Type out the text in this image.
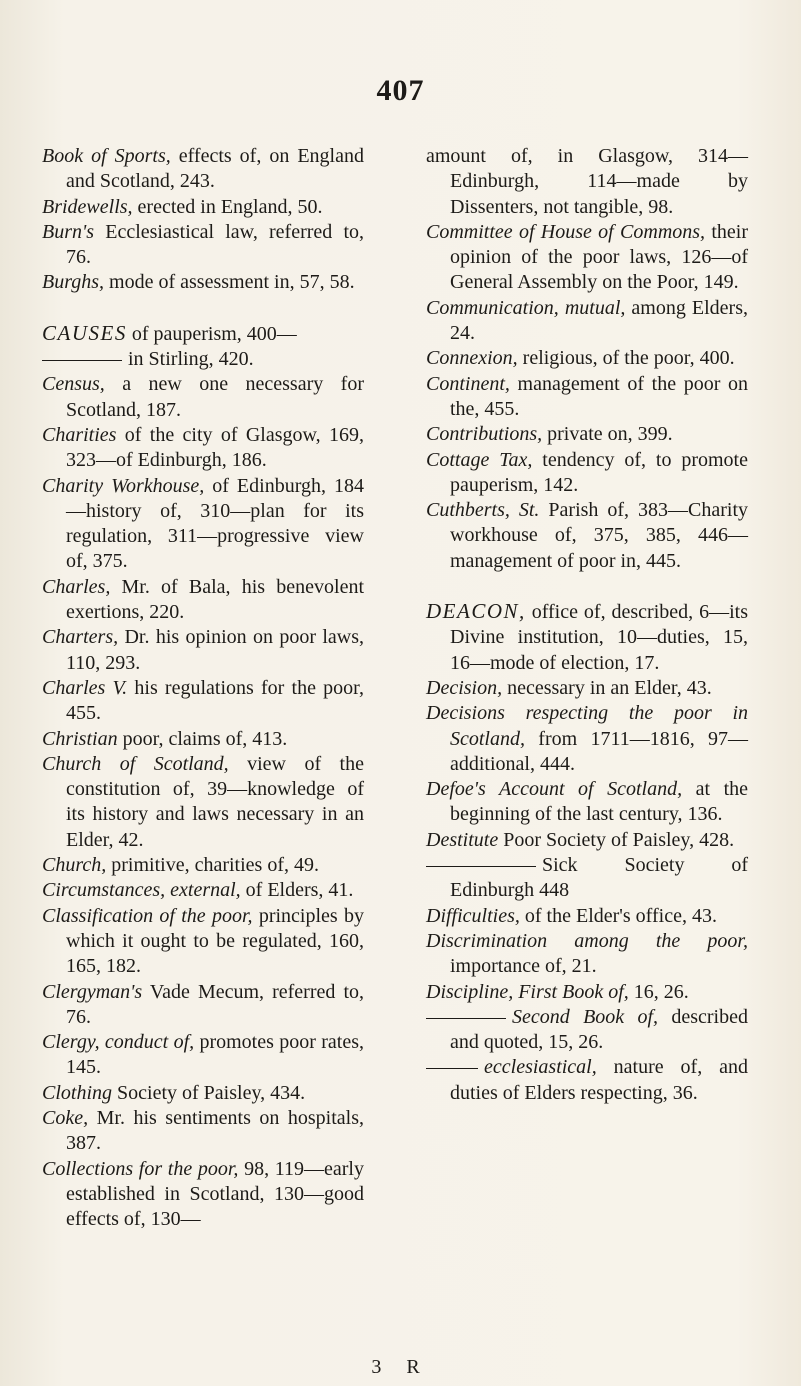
407

Book of Sports, effects of, on England and Scotland, 243.

Bridewells, erected in England, 50.

Burn's Ecclesiastical law, referred to, 76.

Burghs, mode of assessment in, 57, 58.

CAUSES of pauperism, 400—

in Stirling, 420.

Census, a new one necessary for Scotland, 187.

Charities of the city of Glasgow, 169, 323—of Edinburgh, 186.

Charity Workhouse, of Edinburgh, 184—history of, 310—plan for its regulation, 311—progressive view of, 375.

Charles, Mr. of Bala, his benevolent exertions, 220.

Charters, Dr. his opinion on poor laws, 110, 293.

Charles V. his regulations for the poor, 455.

Christian poor, claims of, 413.

Church of Scotland, view of the constitution of, 39—knowledge of its history and laws necessary in an Elder, 42.

Church, primitive, charities of, 49.

Circumstances, external, of Elders, 41.

Classification of the poor, principles by which it ought to be regulated, 160, 165, 182.

Clergyman's Vade Mecum, referred to, 76.

Clergy, conduct of, promotes poor rates, 145.

Clothing Society of Paisley, 434.

Coke, Mr. his sentiments on hospitals, 387.

Collections for the poor, 98, 119—early established in Scotland, 130—good effects of, 130—

amount of, in Glasgow, 314—Edinburgh, 114—made by Dissenters, not tangible, 98.

Committee of House of Commons, their opinion of the poor laws, 126—of General Assembly on the Poor, 149.

Communication, mutual, among Elders, 24.

Connexion, religious, of the poor, 400.

Continent, management of the poor on the, 455.

Contributions, private on, 399.

Cottage Tax, tendency of, to promote pauperism, 142.

Cuthberts, St. Parish of, 383—Charity workhouse of, 375, 385, 446—management of poor in, 445.

DEACON, office of, described, 6—its Divine institution, 10—duties, 15, 16—mode of election, 17.

Decision, necessary in an Elder, 43.

Decisions respecting the poor in Scotland, from 1711—1816, 97—additional, 444.

Defoe's Account of Scotland, at the beginning of the last century, 136.

Destitute Poor Society of Paisley, 428.

Sick Society of Edinburgh 448

Difficulties, of the Elder's office, 43.

Discrimination among the poor, importance of, 21.

Discipline, First Book of, 16, 26.

Second Book of, described and quoted, 15, 26.

ecclesiastical, nature of, and duties of Elders respecting, 36.

3 R
